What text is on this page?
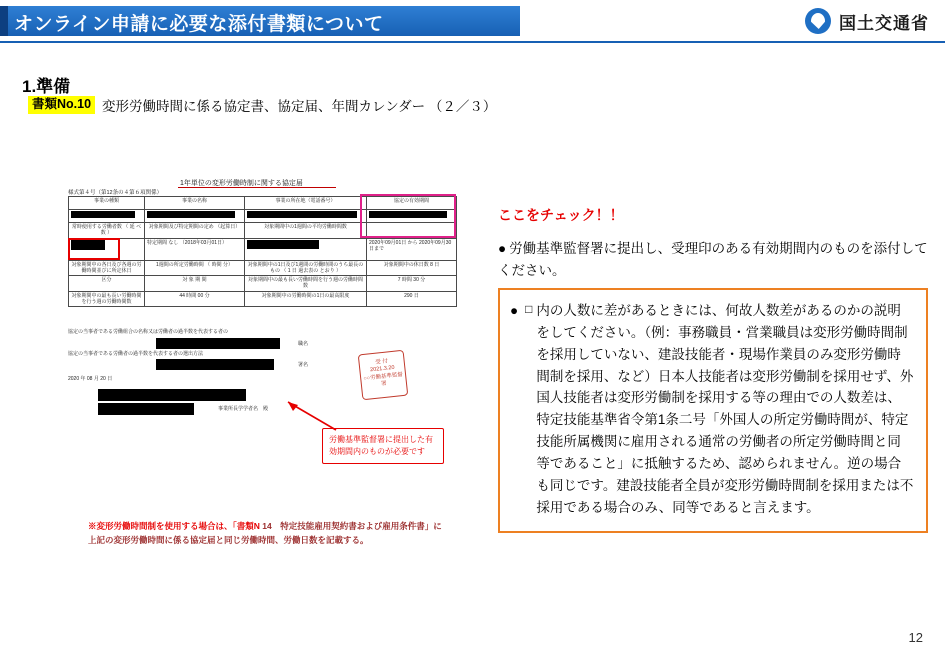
オンライン申請に必要な添付書類について	国土交通省
1.準備
書類No.10 変形労働時間に係る協定書、協定届、年間カレンダー （２／３）
様式第４号（第12条の４第６項関係）
1年単位の変形労働時制に関する協定届
事業の種類	事業の名称	事業の所在地（電話番号）	協定の有効期間

常時使用する労働者数 （ 延 べ 数 ）	対象期間及び特定期間の定め （起算日）	対象期間中の1週間の平均労働時間数	
	特定期間 なし （2018年03月01日）		2020年09月01日 から 2020年09月30日まで
対象期間中の各日及び各週の労働時間並びに所定休日	1週間の所定労働時間 （ 時間 分）	対象期間中の1日及び1週間の労働時間のうち最長のもの （ 1 日 過去表の とおり ）	対象期間中の休日数 8 日
区分	対 象 期 間	対象期間中の最も長い労働時間を行う週の労働時間数	7 時間 30 分
対象期間中の最も長い労働時間を行う週の労働時間数	44 時間 00 分	対象期間中の労働時間の1日の最高限度	290 日
協定の当事者である労働組合の名称又は労働者の過半数を代表する者の
職名
協定の当事者である労働者の過半数を代表する者の選出方法
署名
2020 年 08 月 20 日
事業所長学学者名　殿
受 付
2021.3.20
○○労働基準監督署
労働基準監督署に提出した有効期間内のものが必要です
※変形労働時間制を使用する場合は、「書類N 14　特定技能雇用契約書および雇用条件書」に上記の変形労働時間に係る協定届と同じ労働時間、労働日数を記載する。
ここをチェック！！
● 労働基準監督署に提出し、受理印のある有効期間内のものを添付してください。
● □ 内の人数に差があるときには、何故人数差があるのかの説明をしてください。（例：事務職員・営業職員は変形労働時間制を採用していない、建設技能者・現場作業員のみ変形労働時間制を採用、など）日本人技能者は変形労働制を採用せず、外国人技能者は変形労働制を採用する等の理由での人数差は、特定技能基準省令第1条二号「外国人の所定労働時間が、特定技能所属機関に雇用される通常の労働者の所定労働時間と同等であること」に抵触するため、認められません。逆の場合も同じです。建設技能者全員が変形労働時間制を採用または不採用である場合のみ、同等であると言えます。
12
